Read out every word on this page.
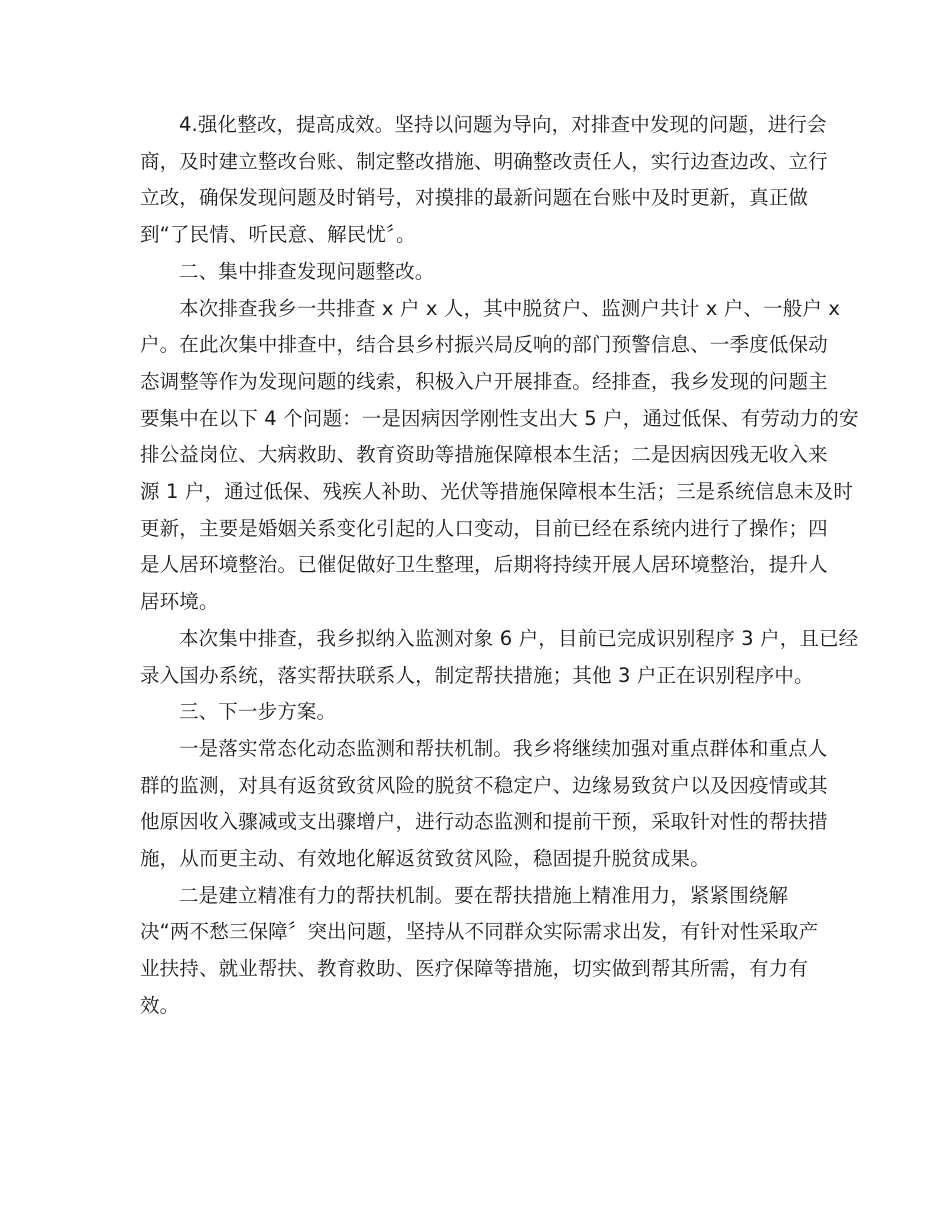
4.强化整改，提高成效。坚持以问题为导向，对排查中发现的问题，进行会
商，及时建立整改台账、制定整改措施、明确整改责任人，实行边查边改、立行
立改，确保发现问题及时销号，对摸排的最新问题在台账中及时更新，真正做
到“了民情、听民意、解民忧〞。

二、集中排查发现问题整改。

本次排查我乡一共排查 x 户 x 人，其中脱贫户、监测户共计 x 户、一般户 x
户。在此次集中排查中，结合县乡村振兴局反响的部门预警信息、一季度低保动
态调整等作为发现问题的线索，积极入户开展排查。经排查，我乡发现的问题主
要集中在以下 4 个问题：一是因病因学刚性支出大 5 户，通过低保、有劳动力的安
排公益岗位、大病救助、教育资助等措施保障根本生活；二是因病因残无收入来
源 1 户，通过低保、残疾人补助、光伏等措施保障根本生活；三是系统信息未及时
更新，主要是婚姻关系变化引起的人口变动，目前已经在系统内进行了操作；四
是人居环境整治。已催促做好卫生整理，后期将持续开展人居环境整治，提升人
居环境。

本次集中排查，我乡拟纳入监测对象 6 户，目前已完成识别程序 3 户，且已经
录入国办系统，落实帮扶联系人，制定帮扶措施；其他 3 户正在识别程序中。

三、下一步方案。

一是落实常态化动态监测和帮扶机制。我乡将继续加强对重点群体和重点人
群的监测，对具有返贫致贫风险的脱贫不稳定户、边缘易致贫户以及因疫情或其
他原因收入骤减或支出骤增户，进行动态监测和提前干预，采取针对性的帮扶措
施，从而更主动、有效地化解返贫致贫风险，稳固提升脱贫成果。

二是建立精准有力的帮扶机制。要在帮扶措施上精准用力，紧紧围绕解
决“两不愁三保障〞突出问题，坚持从不同群众实际需求出发，有针对性采取产
业扶持、就业帮扶、教育救助、医疗保障等措施，切实做到帮其所需，有力有
效。
